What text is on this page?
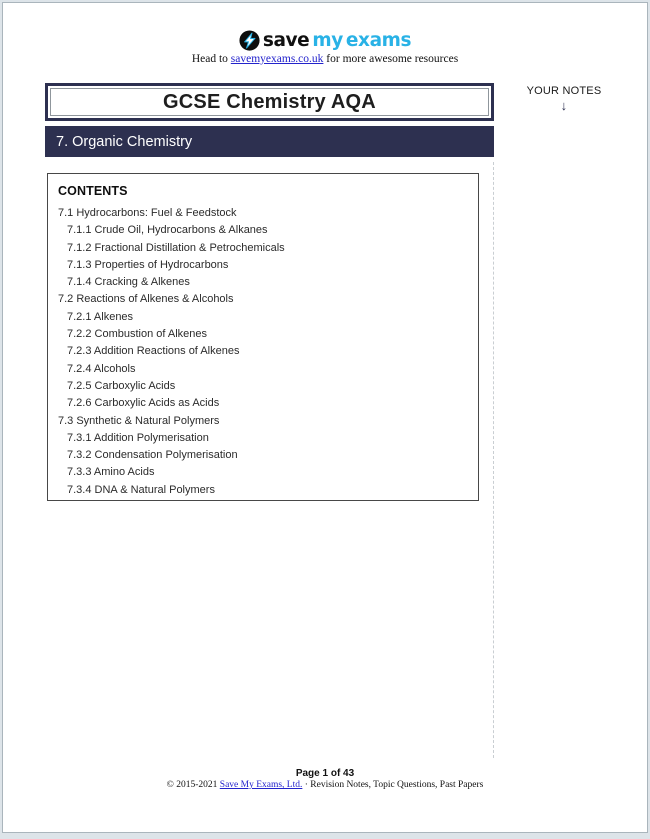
save my exams
Head to savemyexams.co.uk for more awesome resources
GCSE Chemistry AQA
7. Organic Chemistry
YOUR NOTES
↓
CONTENTS
7.1 Hydrocarbons: Fuel & Feedstock
7.1.1 Crude Oil, Hydrocarbons & Alkanes
7.1.2 Fractional Distillation & Petrochemicals
7.1.3 Properties of Hydrocarbons
7.1.4 Cracking & Alkenes
7.2 Reactions of Alkenes & Alcohols
7.2.1 Alkenes
7.2.2 Combustion of Alkenes
7.2.3 Addition Reactions of Alkenes
7.2.4 Alcohols
7.2.5 Carboxylic Acids
7.2.6 Carboxylic Acids as Acids
7.3 Synthetic & Natural Polymers
7.3.1 Addition Polymerisation
7.3.2 Condensation Polymerisation
7.3.3 Amino Acids
7.3.4 DNA & Natural Polymers
Page 1 of 43
© 2015-2021 Save My Exams, Ltd. · Revision Notes, Topic Questions, Past Papers
